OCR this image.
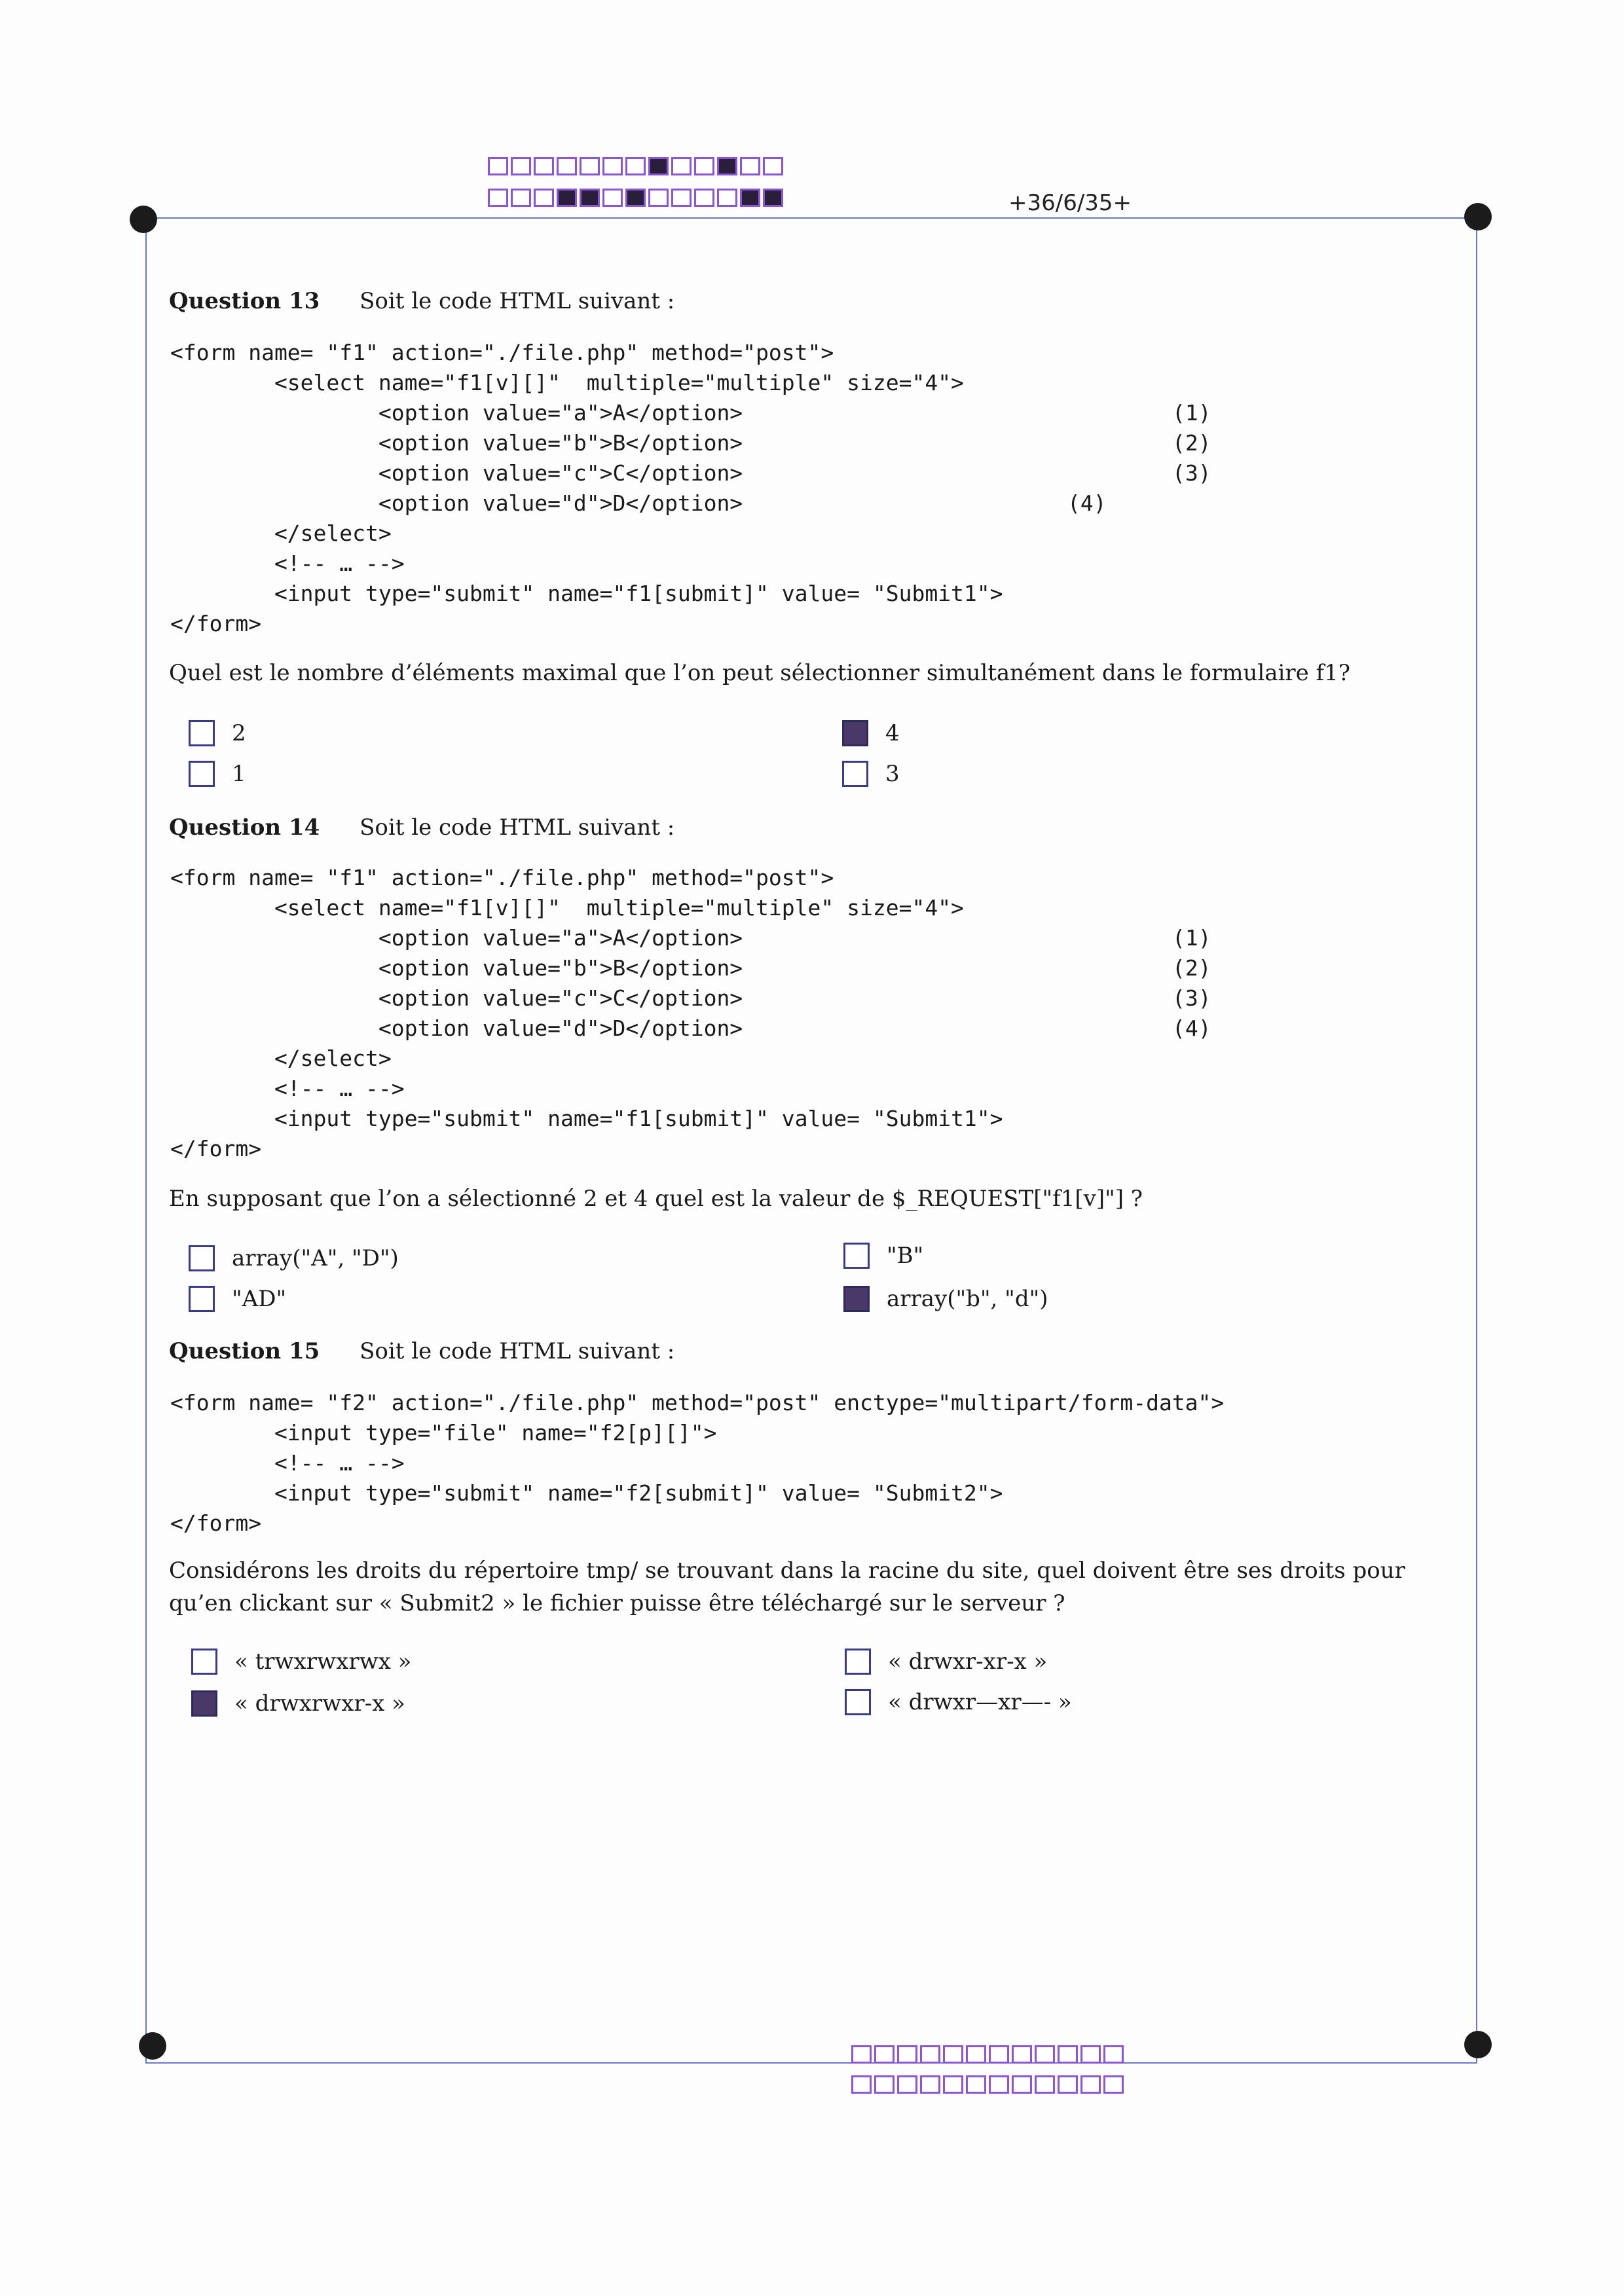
+36/6/35+
Question 13 Soit le code HTML suivant :
<form name= "f1" action="./file.php" method="post">
<select name="f1[v][]"  multiple="multiple" size="4">
<option value="a">A</option>	(1)
<option value="b">B</option>	(2)
<option value="c">C</option>	(3)
<option value="d">D</option>	(4)
</select>
<!-- … -->
<input type="submit" name="f1[submit]" value= "Submit1">
</form>
Quel est le nombre d’éléments maximal que l’on peut sélectionner simultanément dans le formulaire f1?
2	4
1	3
Question 14 Soit le code HTML suivant :
<form name= "f1" action="./file.php" method="post">
<select name="f1[v][]"  multiple="multiple" size="4">
<option value="a">A</option>	(1)
<option value="b">B</option>	(2)
<option value="c">C</option>	(3)
<option value="d">D</option>	(4)
</select>
<!-- … -->
<input type="submit" name="f1[submit]" value= "Submit1">
</form>
En supposant que l’on a sélectionné 2 et 4 quel est la valeur de $_REQUEST["f1[v]"] ?
array("A", "D")	"B"
"AD"	array("b", "d")
Question 15 Soit le code HTML suivant :
<form name= "f2" action="./file.php" method="post" enctype="multipart/form-data">
<input type="file" name="f2[p][]">
<!-- … -->
<input type="submit" name="f2[submit]" value= "Submit2">
</form>
Considérons les droits du répertoire tmp/ se trouvant dans la racine du site, quel doivent être ses droits pour qu’en clickant sur « Submit2 » le fichier puisse être téléchargé sur le serveur ?
« trwxrwxrwx »	« drwxr-xr-x »
« drwxrwxr-x »	« drwxr—xr—- »
